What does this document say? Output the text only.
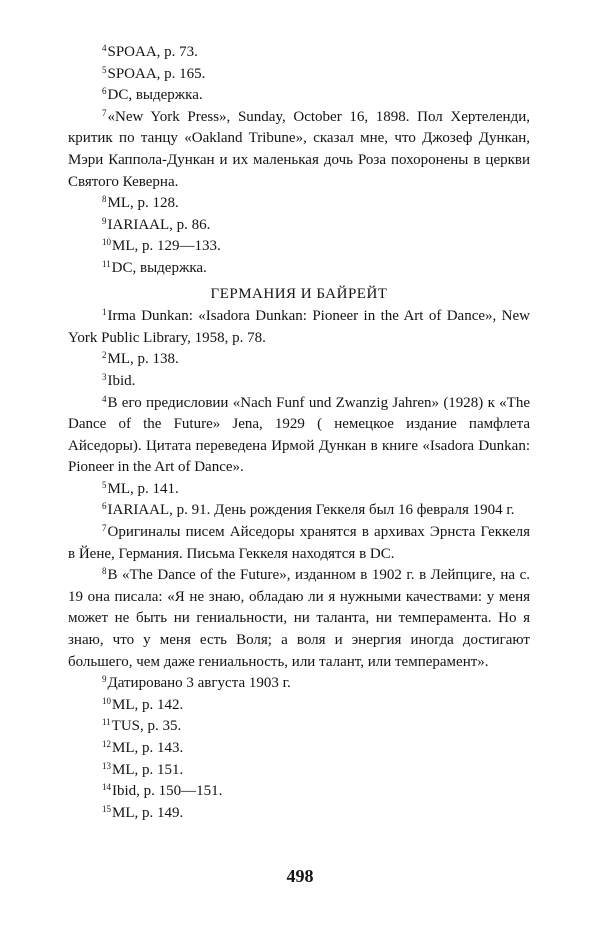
$^4$SPOAA, p. 73.

$^5$SPOAA, p. 165.

$^6$DC, выдержка.

$^7$«New York Press», Sunday, October 16, 1898. Пол Хертеленди, критик по танцу «Oakland Tribune», сказал мне, что Джозеф Дункан, Мэри Каппола-Дункан и их маленькая дочь Роза похоронены в церкви Святого Кеверна.

$^8$ML, p. 128.

$^9$IARIAAL, p. 86.

$^{10}$ML, p. 129—133.

$^{11}$DC, выдержка.

ГЕРМАНИЯ И БАЙРЕЙТ

$^1$Irma Dunkan: «Isadora Dunkan: Pioneer in the Art of Dance», New York Public Library, 1958, p. 78.

$^2$ML, p. 138.

$^3$Ibid.

$^4$В его предисловии «Nach Funf und Zwanzig Jahren» (1928) к «The Dance of the Future» Jena, 1929 ( немецкое издание памфлета Айседоры). Цитата переведена Ирмой Дункан в книге «Isadora Dunkan: Pioneer in the Art of Dance».

$^5$ML, p. 141.

$^6$IARIAAL, p. 91. День рождения Геккеля был 16 февраля 1904 г.

$^7$Оригиналы писем Айседоры хранятся в архивах Эрнста Геккеля в Йене, Германия. Письма Геккеля находятся в DC.

$^8$В «The Dance of the Future», изданном в 1902 г. в Лейпциге, на с. 19 она писала: «Я не знаю, обладаю ли я нужными качествами: у меня может не быть ни гениальности, ни таланта, ни темперамента. Но я знаю, что у меня есть Воля; а воля и энергия иногда достигают большего, чем даже гениальность, или талант, или темперамент».

$^9$Датировано 3 августа 1903 г.

$^{10}$ML, p. 142.

$^{11}$TUS, p. 35.

$^{12}$ML, p. 143.

$^{13}$ML, p. 151.

$^{14}$Ibid, p. 150—151.

$^{15}$ML, p. 149.

498
